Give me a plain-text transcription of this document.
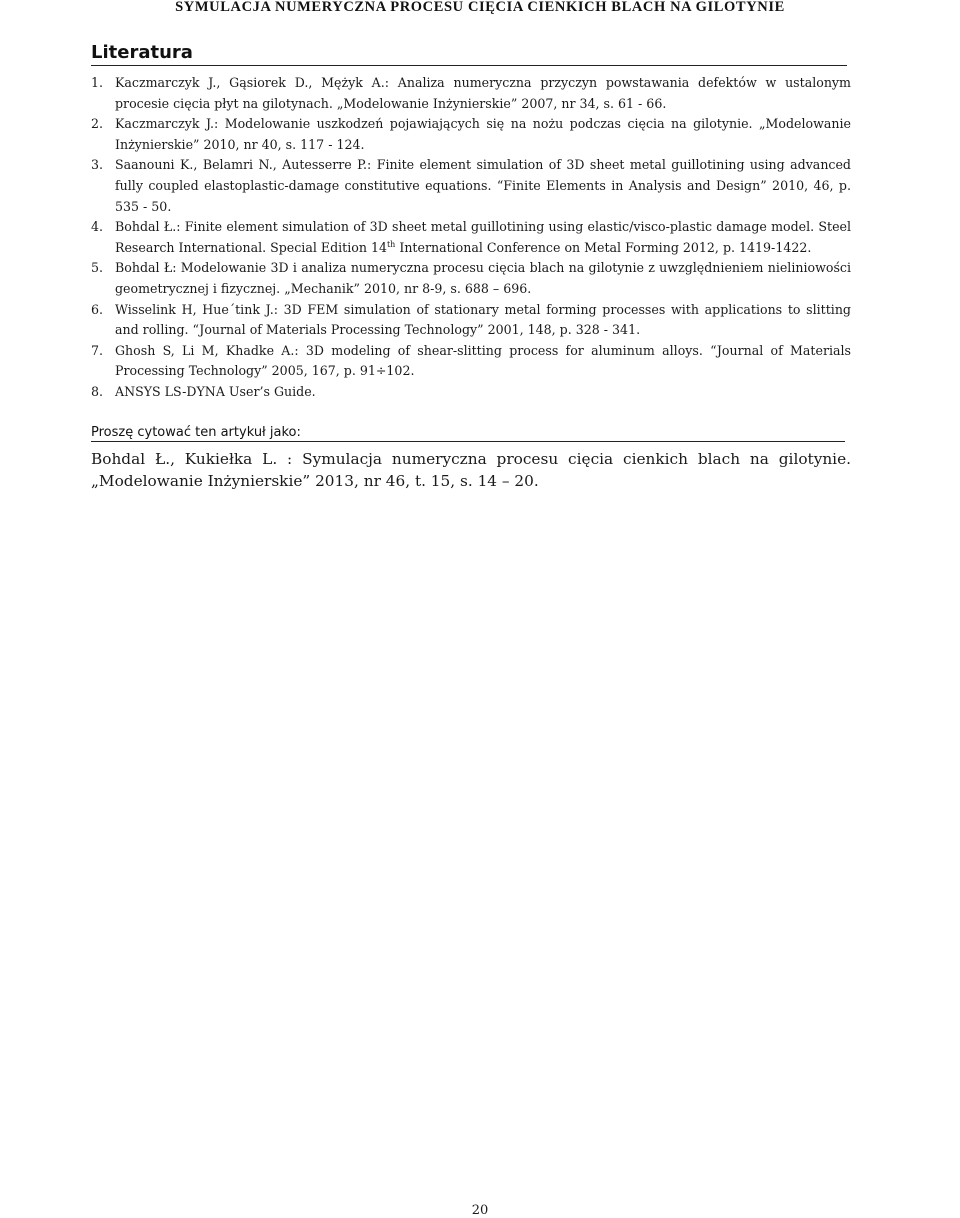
SYMULACJA NUMERYCZNA PROCESU CIĘCIA CIENKICH BLACH NA GILOTYNIE
Literatura
1. Kaczmarczyk J., Gąsiorek D., Mężyk A.: Analiza numeryczna przyczyn powstawania defektów w ustalonym procesie cięcia płyt na gilotynach. „Modelowanie Inżynierskie” 2007, nr 34, s. 61 - 66.
2. Kaczmarczyk J.: Modelowanie uszkodzeń pojawiających się na nożu podczas cięcia na gilotynie. „Modelowanie Inżynierskie” 2010, nr 40, s. 117 - 124.
3. Saanouni K., Belamri N., Autesserre P.: Finite element simulation of 3D sheet metal guillotining using advanced fully coupled elastoplastic-damage constitutive equations. “Finite Elements in Analysis and Design” 2010, 46, p. 535 - 50.
4. Bohdal Ł.: Finite element simulation of 3D sheet metal guillotining using elastic/visco-plastic damage model. Steel Research International. Special Edition 14th International Conference on Metal Forming 2012, p. 1419-1422.
5. Bohdal Ł: Modelowanie 3D i analiza numeryczna procesu cięcia blach na gilotynie z uwzględnieniem nieliniowości geometrycznej i fizycznej. „Mechanik” 2010, nr 8-9, s. 688 – 696.
6. Wisselink H, Hue´tink J.: 3D FEM simulation of stationary metal forming processes with applications to slitting and rolling. “Journal of Materials Processing Technology” 2001, 148, p. 328 - 341.
7. Ghosh S, Li M, Khadke A.: 3D modeling of shear-slitting process for aluminum alloys. “Journal of Materials Processing Technology” 2005, 167, p. 91÷102.
8. ANSYS LS-DYNA User’s Guide.
Proszę cytować ten artykuł jako:
Bohdal Ł., Kukiełka L. : Symulacja numeryczna procesu cięcia cienkich blach na gilotynie. „Modelowanie Inżynierskie” 2013, nr 46, t. 15, s. 14 – 20.
20
